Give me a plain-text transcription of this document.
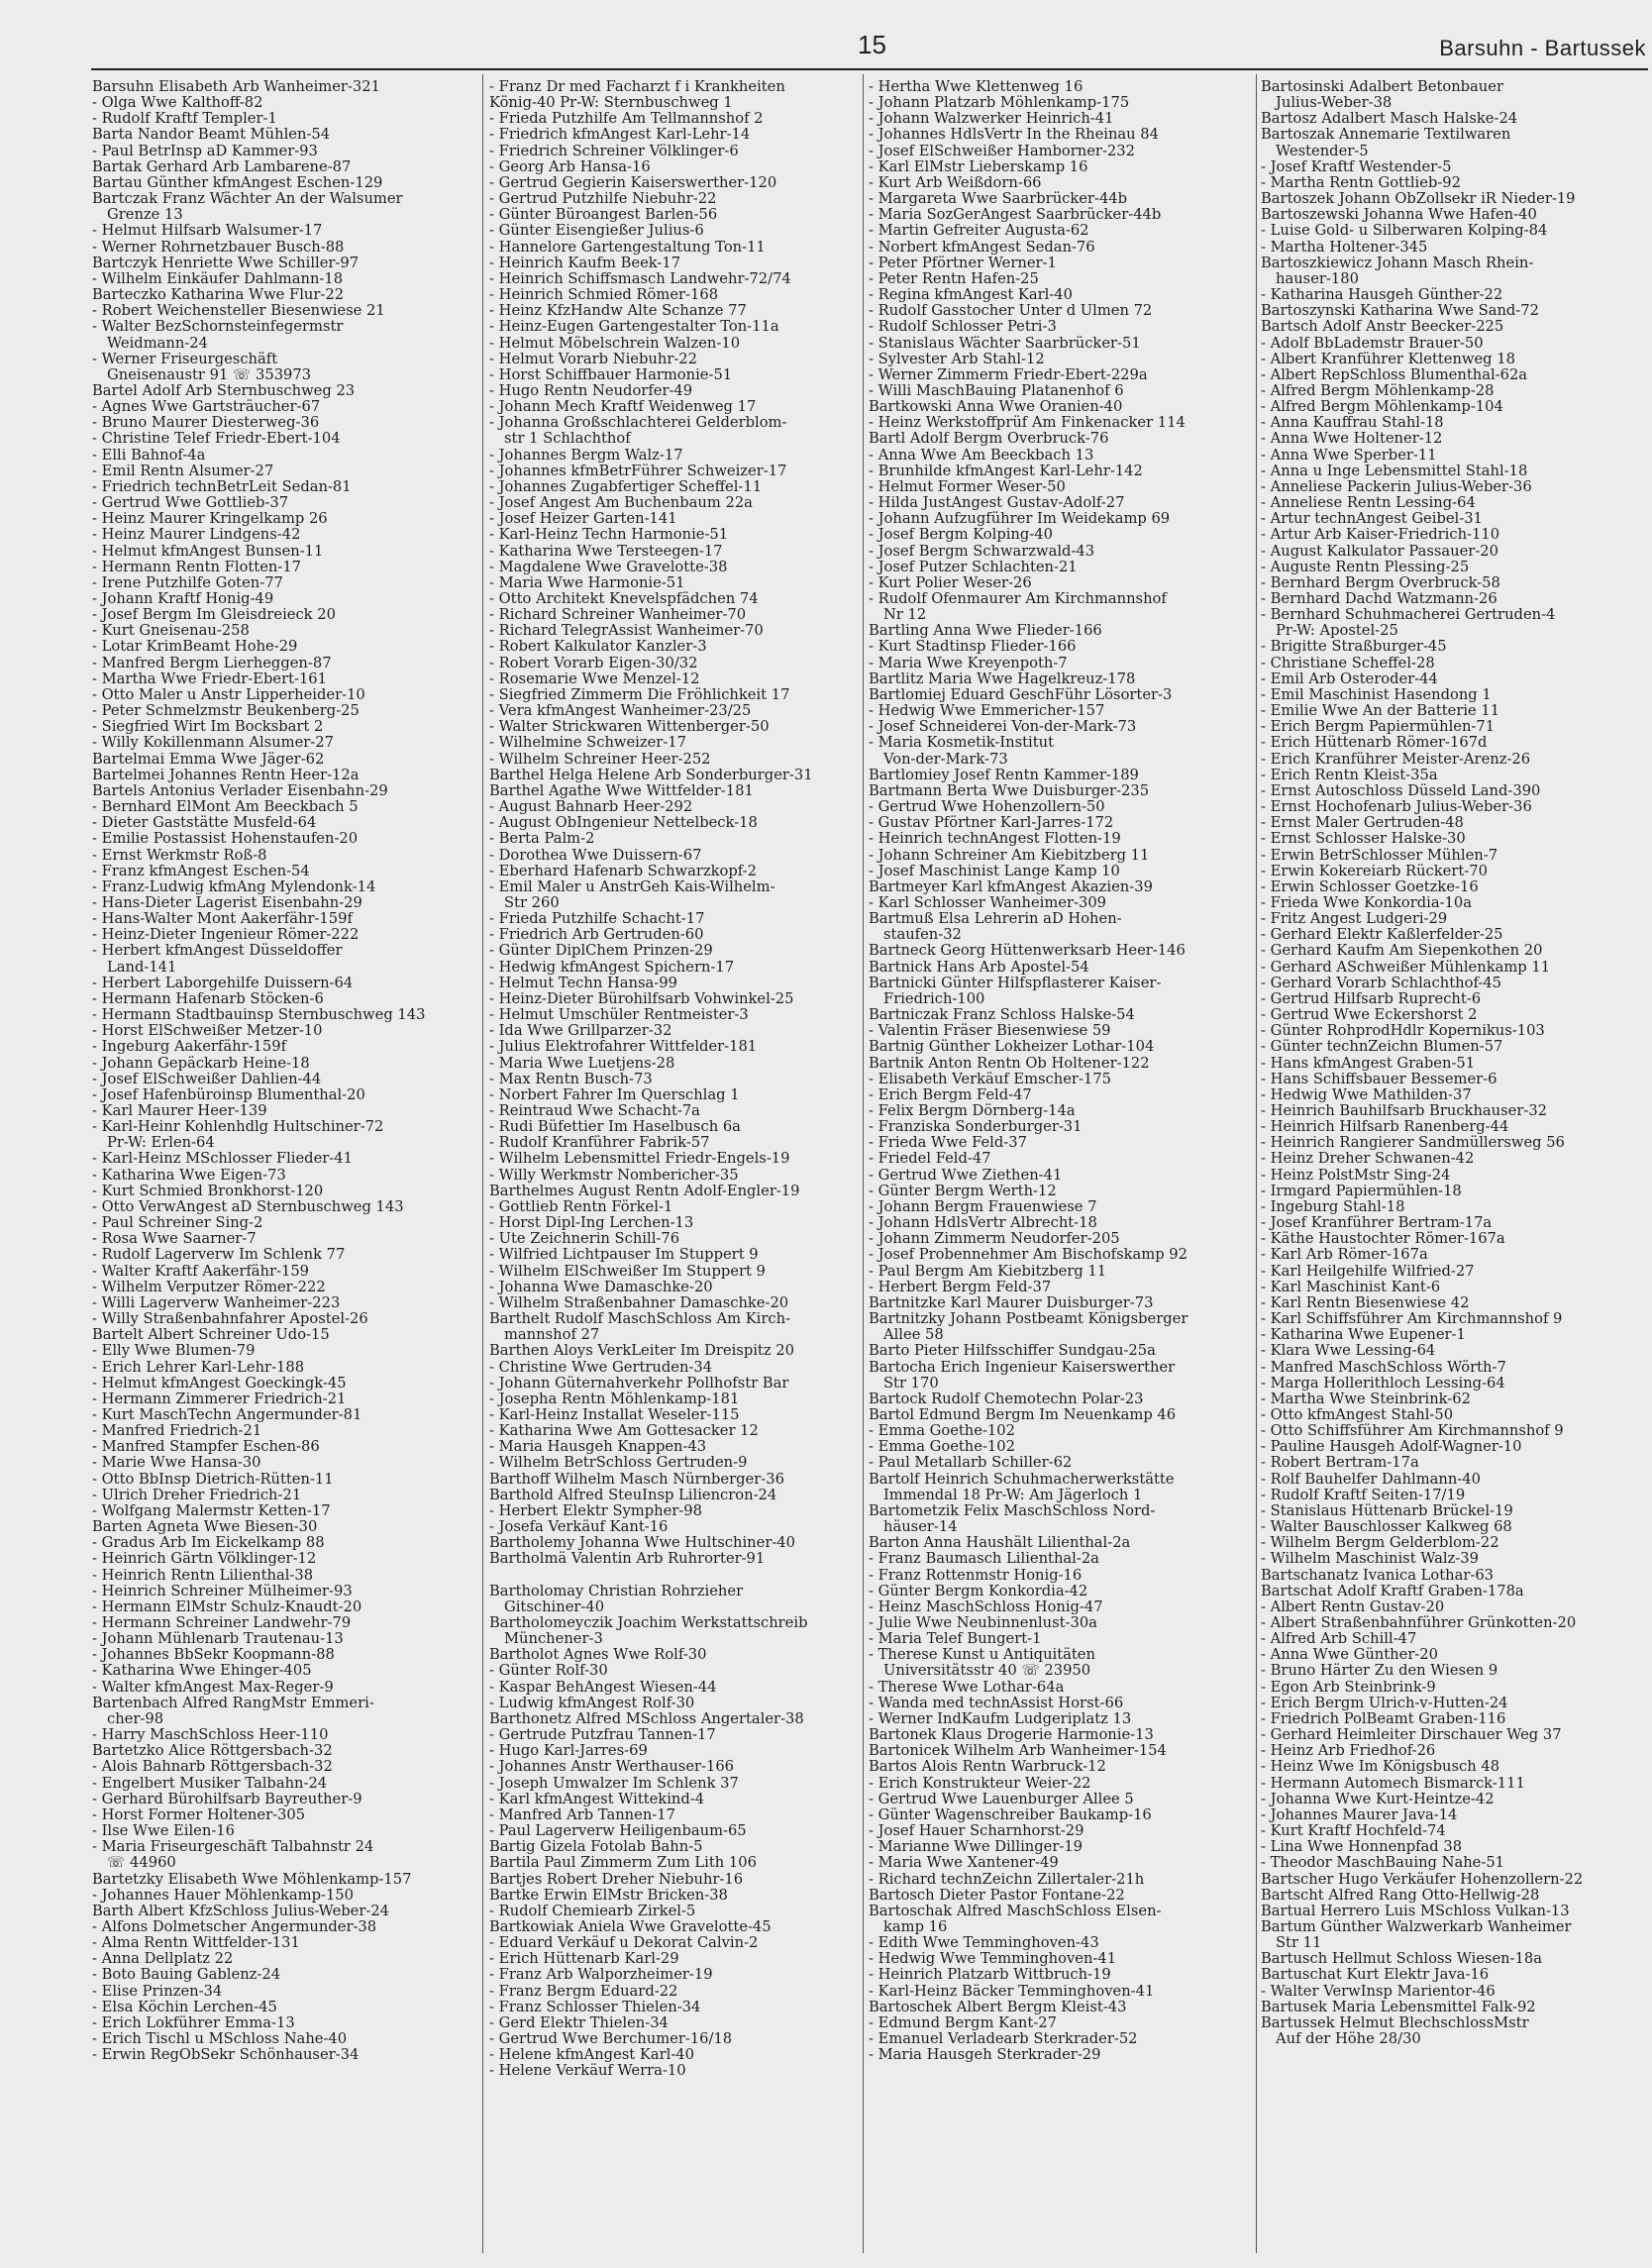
15	Barsuhn - Bartussek
Barsuhn Elisabeth Arb Wanheimer-321
- Olga Wwe Kalthoff-82
- Rudolf Kraftf Templer-1
Barta Nandor Beamt Mühlen-54
- Paul BetrInsp aD Kammer-93
Bartak Gerhard Arb Lambarene-87
Bartau Günther kfmAngest Eschen-129
Bartczak Franz Wächter An der Walsumer
Grenze 13
- Helmut Hilfsarb Walsumer-17
- Werner Rohrnetzbauer Busch-88
Bartczyk Henriette Wwe Schiller-97
- Wilhelm Einkäufer Dahlmann-18
Barteczko Katharina Wwe Flur-22
- Robert Weichensteller Biesenwiese 21
- Walter BezSchornsteinfegermstr
Weidmann-24
- Werner Friseurgeschäft
Gneisenaustr 91 ☏ 353973
Bartel Adolf Arb Sternbuschweg 23
- Agnes Wwe Gartsträucher-67
- Bruno Maurer Diesterweg-36
- Christine Telef Friedr-Ebert-104
- Elli Bahnof-4a
- Emil Rentn Alsumer-27
- Friedrich technBetrLeit Sedan-81
- Gertrud Wwe Gottlieb-37
- Heinz Maurer Kringelkamp 26
- Heinz Maurer Lindgens-42
- Helmut kfmAngest Bunsen-11
- Hermann Rentn Flotten-17
- Irene Putzhilfe Goten-77
- Johann Kraftf Honig-49
- Josef Bergm Im Gleisdreieck 20
- Kurt Gneisenau-258
- Lotar KrimBeamt Hohe-29
- Manfred Bergm Lierheggen-87
- Martha Wwe Friedr-Ebert-161
- Otto Maler u Anstr Lipperheider-10
- Peter Schmelzmstr Beukenberg-25
- Siegfried Wirt Im Bocksbart 2
- Willy Kokillenmann Alsumer-27
Bartelmai Emma Wwe Jäger-62
Bartelmei Johannes Rentn Heer-12a
Bartels Antonius Verlader Eisenbahn-29
- Bernhard ElMont Am Beeckbach 5
- Dieter Gaststätte Musfeld-64
- Emilie Postassist Hohenstaufen-20
- Ernst Werkmstr Roß-8
- Franz kfmAngest Eschen-54
- Franz-Ludwig kfmAng Mylendonk-14
- Hans-Dieter Lagerist Eisenbahn-29
- Hans-Walter Mont Aakerfähr-159f
- Heinz-Dieter Ingenieur Römer-222
- Herbert kfmAngest Düsseldoffer
Land-141
- Herbert Laborgehilfe Duissern-64
- Hermann Hafenarb Stöcken-6
- Hermann Stadtbauinsp Sternbuschweg 143
- Horst ElSchweißer Metzer-10
- Ingeburg Aakerfähr-159f
- Johann Gepäckarb Heine-18
- Josef ElSchweißer Dahlien-44
- Josef Hafenbüroinsp Blumenthal-20
- Karl Maurer Heer-139
- Karl-Heinr Kohlenhdlg Hultschiner-72
Pr-W: Erlen-64
- Karl-Heinz MSchlosser Flieder-41
- Katharina Wwe Eigen-73
- Kurt Schmied Bronkhorst-120
- Otto VerwAngest aD Sternbuschweg 143
- Paul Schreiner Sing-2
- Rosa Wwe Saarner-7
- Rudolf Lagerverw Im Schlenk 77
- Walter Kraftf Aakerfähr-159
- Wilhelm Verputzer Römer-222
- Willi Lagerverw Wanheimer-223
- Willy Straßenbahnfahrer Apostel-26
Bartelt Albert Schreiner Udo-15
- Elly Wwe Blumen-79
- Erich Lehrer Karl-Lehr-188
- Helmut kfmAngest Goeckingk-45
- Hermann Zimmerer Friedrich-21
- Kurt MaschTechn Angermunder-81
- Manfred Friedrich-21
- Manfred Stampfer Eschen-86
- Marie Wwe Hansa-30
- Otto BbInsp Dietrich-Rütten-11
- Ulrich Dreher Friedrich-21
- Wolfgang Malermstr Ketten-17
Barten Agneta Wwe Biesen-30
- Gradus Arb Im Eickelkamp 88
- Heinrich Gärtn Völklinger-12
- Heinrich Rentn Lilienthal-38
- Heinrich Schreiner Mülheimer-93
- Hermann ElMstr Schulz-Knaudt-20
- Hermann Schreiner Landwehr-79
- Johann Mühlenarb Trautenau-13
- Johannes BbSekr Koopmann-88
- Katharina Wwe Ehinger-405
- Walter kfmAngest Max-Reger-9
Bartenbach Alfred RangMstr Emmeri-
cher-98
- Harry MaschSchloss Heer-110
Bartetzko Alice Röttgersbach-32
- Alois Bahnarb Röttgersbach-32
- Engelbert Musiker Talbahn-24
- Gerhard Bürohilfsarb Bayreuther-9
- Horst Former Holtener-305
- Ilse Wwe Eilen-16
- Maria Friseurgeschäft Talbahnstr 24
☏ 44960
Bartetzky Elisabeth Wwe Möhlenkamp-157
- Johannes Hauer Möhlenkamp-150
Barth Albert KfzSchloss Julius-Weber-24
- Alfons Dolmetscher Angermunder-38
- Alma Rentn Wittfelder-131
- Anna Dellplatz 22
- Boto Bauing Gablenz-24
- Elise Prinzen-34
- Elsa Köchin Lerchen-45
- Erich Lokführer Emma-13
- Erich Tischl u MSchloss Nahe-40
- Erwin RegObSekr Schönhauser-34
- Franz Dr med Facharzt f i Krankheiten
König-40 Pr-W: Sternbuschweg 1
- Frieda Putzhilfe Am Tellmannshof 2
- Friedrich kfmAngest Karl-Lehr-14
- Friedrich Schreiner Völklinger-6
- Georg Arb Hansa-16
- Gertrud Gegierin Kaiserswerther-120
- Gertrud Putzhilfe Niebuhr-22
- Günter Büroangest Barlen-56
- Günter Eisengießer Julius-6
- Hannelore Gartengestaltung Ton-11
- Heinrich Kaufm Beek-17
- Heinrich Schiffsmasch Landwehr-72/74
- Heinrich Schmied Römer-168
- Heinz KfzHandw Alte Schanze 77
- Heinz-Eugen Gartengestalter Ton-11a
- Helmut Möbelschrein Walzen-10
- Helmut Vorarb Niebuhr-22
- Horst Schiffbauer Harmonie-51
- Hugo Rentn Neudorfer-49
- Johann Mech Kraftf Weidenweg 17
- Johanna Großschlachterei Gelderblom-
str 1 Schlachthof
- Johannes Bergm Walz-17
- Johannes kfmBetrFührer Schweizer-17
- Johannes Zugabfertiger Scheffel-11
- Josef Angest Am Buchenbaum 22a
- Josef Heizer Garten-141
- Karl-Heinz Techn Harmonie-51
- Katharina Wwe Tersteegen-17
- Magdalene Wwe Gravelotte-38
- Maria Wwe Harmonie-51
- Otto Architekt Knevelspfädchen 74
- Richard Schreiner Wanheimer-70
- Richard TelegrAssist Wanheimer-70
- Robert Kalkulator Kanzler-3
- Robert Vorarb Eigen-30/32
- Rosemarie Wwe Menzel-12
- Siegfried Zimmerm Die Fröhlichkeit 17
- Vera kfmAngest Wanheimer-23/25
- Walter Strickwaren Wittenberger-50
- Wilhelmine Schweizer-17
- Wilhelm Schreiner Heer-252
Barthel Helga Helene Arb Sonderburger-31
Barthel Agathe Wwe Wittfelder-181
- August Bahnarb Heer-292
- August ObIngenieur Nettelbeck-18
- Berta Palm-2
- Dorothea Wwe Duissern-67
- Eberhard Hafenarb Schwarzkopf-2
- Emil Maler u AnstrGeh Kais-Wilhelm-
Str 260
- Frieda Putzhilfe Schacht-17
- Friedrich Arb Gertruden-60
- Günter DiplChem Prinzen-29
- Hedwig kfmAngest Spichern-17
- Helmut Techn Hansa-99
- Heinz-Dieter Bürohilfsarb Vohwinkel-25
- Helmut Umschüler Rentmeister-3
- Ida Wwe Grillparzer-32
- Julius Elektrofahrer Wittfelder-181
- Maria Wwe Luetjens-28
- Max Rentn Busch-73
- Norbert Fahrer Im Querschlag 1
- Reintraud Wwe Schacht-7a
- Rudi Büfettier Im Haselbusch 6a
- Rudolf Kranführer Fabrik-57
- Wilhelm Lebensmittel Friedr-Engels-19
- Willy Werkmstr Nombericher-35
Barthelmes August Rentn Adolf-Engler-19
- Gottlieb Rentn Förkel-1
- Horst Dipl-Ing Lerchen-13
- Ute Zeichnerin Schill-76
- Wilfried Lichtpauser Im Stuppert 9
- Wilhelm ElSchweißer Im Stuppert 9
- Johanna Wwe Damaschke-20
- Wilhelm Straßenbahner Damaschke-20
Barthelt Rudolf MaschSchloss Am Kirch-
mannshof 27
Barthen Aloys VerkLeiter Im Dreispitz 20
- Christine Wwe Gertruden-34
- Johann Güternahverkehr Pollhofstr Bar
- Josepha Rentn Möhlenkamp-181
- Karl-Heinz Installat Weseler-115
- Katharina Wwe Am Gottesacker 12
- Maria Hausgeh Knappen-43
- Wilhelm BetrSchloss Gertruden-9
Barthoff Wilhelm Masch Nürnberger-36
Barthold Alfred SteuInsp Liliencron-24
- Herbert Elektr Sympher-98
- Josefa Verkäuf Kant-16
Bartholemy Johanna Wwe Hultschiner-40
Bartholmä Valentin Arb Ruhrorter-91

Bartholomay Christian Rohrzieher
Gitschiner-40
Bartholomeyczik Joachim Werkstattschreib
Münchener-3
Bartholot Agnes Wwe Rolf-30
- Günter Rolf-30
- Kaspar BehAngest Wiesen-44
- Ludwig kfmAngest Rolf-30
Barthonetz Alfred MSchloss Angertaler-38
- Gertrude Putzfrau Tannen-17
- Hugo Karl-Jarres-69
- Johannes Anstr Werthauser-166
- Joseph Umwalzer Im Schlenk 37
- Karl kfmAngest Wittekind-4
- Manfred Arb Tannen-17
- Paul Lagerverw Heiligenbaum-65
Bartig Gizela Fotolab Bahn-5
Bartila Paul Zimmerm Zum Lith 106
Bartjes Robert Dreher Niebuhr-16
Bartke Erwin ElMstr Bricken-38
- Rudolf Chemiearb Zirkel-5
Bartkowiak Aniela Wwe Gravelotte-45
- Eduard Verkäuf u Dekorat Calvin-2
- Erich Hüttenarb Karl-29
- Franz Arb Walporzheimer-19
- Franz Bergm Eduard-22
- Franz Schlosser Thielen-34
- Gerd Elektr Thielen-34
- Gertrud Wwe Berchumer-16/18
- Helene kfmAngest Karl-40
- Helene Verkäuf Werra-10
- Hertha Wwe Klettenweg 16
- Johann Platzarb Möhlenkamp-175
- Johann Walzwerker Heinrich-41
- Johannes HdlsVertr In the Rheinau 84
- Josef ElSchweißer Hamborner-232
- Karl ElMstr Lieberskamp 16
- Kurt Arb Weißdorn-66
- Margareta Wwe Saarbrücker-44b
- Maria SozGerAngest Saarbrücker-44b
- Martin Gefreiter Augusta-62
- Norbert kfmAngest Sedan-76
- Peter Pförtner Werner-1
- Peter Rentn Hafen-25
- Regina kfmAngest Karl-40
- Rudolf Gasstocher Unter d Ulmen 72
- Rudolf Schlosser Petri-3
- Stanislaus Wächter Saarbrücker-51
- Sylvester Arb Stahl-12
- Werner Zimmerm Friedr-Ebert-229a
- Willi MaschBauing Platanenhof 6
Bartkowski Anna Wwe Oranien-40
- Heinz Werkstoffprüf Am Finkenacker 114
Bartl Adolf Bergm Overbruck-76
- Anna Wwe Am Beeckbach 13
- Brunhilde kfmAngest Karl-Lehr-142
- Helmut Former Weser-50
- Hilda JustAngest Gustav-Adolf-27
- Johann Aufzugführer Im Weidekamp 69
- Josef Bergm Kolping-40
- Josef Bergm Schwarzwald-43
- Josef Putzer Schlachten-21
- Kurt Polier Weser-26
- Rudolf Ofenmaurer Am Kirchmannshof
Nr 12
Bartling Anna Wwe Flieder-166
- Kurt Stadtinsp Flieder-166
- Maria Wwe Kreyenpoth-7
Bartlitz Maria Wwe Hagelkreuz-178
Bartlomiej Eduard GeschFühr Lösorter-3
- Hedwig Wwe Emmericher-157
- Josef Schneiderei Von-der-Mark-73
- Maria Kosmetik-Institut
Von-der-Mark-73
Bartlomiey Josef Rentn Kammer-189
Bartmann Berta Wwe Duisburger-235
- Gertrud Wwe Hohenzollern-50
- Gustav Pförtner Karl-Jarres-172
- Heinrich technAngest Flotten-19
- Johann Schreiner Am Kiebitzberg 11
- Josef Maschinist Lange Kamp 10
Bartmeyer Karl kfmAngest Akazien-39
- Karl Schlosser Wanheimer-309
Bartmuß Elsa Lehrerin aD Hohen-
staufen-32
Bartneck Georg Hüttenwerksarb Heer-146
Bartnick Hans Arb Apostel-54
Bartnicki Günter Hilfspflasterer Kaiser-
Friedrich-100
Bartniczak Franz Schloss Halske-54
- Valentin Fräser Biesenwiese 59
Bartnig Günther Lokheizer Lothar-104
Bartnik Anton Rentn Ob Holtener-122
- Elisabeth Verkäuf Emscher-175
- Erich Bergm Feld-47
- Felix Bergm Dörnberg-14a
- Franziska Sonderburger-31
- Frieda Wwe Feld-37
- Friedel Feld-47
- Gertrud Wwe Ziethen-41
- Günter Bergm Werth-12
- Johann Bergm Frauenwiese 7
- Johann HdlsVertr Albrecht-18
- Johann Zimmerm Neudorfer-205
- Josef Probennehmer Am Bischofskamp 92
- Paul Bergm Am Kiebitzberg 11
- Herbert Bergm Feld-37
Bartnitzke Karl Maurer Duisburger-73
Bartnitzky Johann Postbeamt Königsberger
Allee 58
Barto Pieter Hilfsschiffer Sundgau-25a
Bartocha Erich Ingenieur Kaiserswerther
Str 170
Bartock Rudolf Chemotechn Polar-23
Bartol Edmund Bergm Im Neuenkamp 46
- Emma Goethe-102
- Emma Goethe-102
- Paul Metallarb Schiller-62
Bartolf Heinrich Schuhmacherwerkstätte
Immendal 18 Pr-W: Am Jägerloch 1
Bartometzik Felix MaschSchloss Nord-
häuser-14
Barton Anna Haushält Lilienthal-2a
- Franz Baumasch Lilienthal-2a
- Franz Rottenmstr Honig-16
- Günter Bergm Konkordia-42
- Heinz MaschSchloss Honig-47
- Julie Wwe Neubinnenlust-30a
- Maria Telef Bungert-1
- Therese Kunst u Antiquitäten
Universitätsstr 40 ☏ 23950
- Therese Wwe Lothar-64a
- Wanda med technAssist Horst-66
- Werner IndKaufm Ludgeriplatz 13
Bartonek Klaus Drogerie Harmonie-13
Bartonicek Wilhelm Arb Wanheimer-154
Bartos Alois Rentn Warbruck-12
- Erich Konstrukteur Weier-22
- Gertrud Wwe Lauenburger Allee 5
- Günter Wagenschreiber Baukamp-16
- Josef Hauer Scharnhorst-29
- Marianne Wwe Dillinger-19
- Maria Wwe Xantener-49
- Richard technZeichn Zillertaler-21h
Bartosch Dieter Pastor Fontane-22
Bartoschak Alfred MaschSchloss Elsen-
kamp 16
- Edith Wwe Temminghoven-43
- Hedwig Wwe Temminghoven-41
- Heinrich Platzarb Wittbruch-19
- Karl-Heinz Bäcker Temminghoven-41
Bartoschek Albert Bergm Kleist-43
- Edmund Bergm Kant-27
- Emanuel Verladearb Sterkrader-52
- Maria Hausgeh Sterkrader-29
Bartosinski Adalbert Betonbauer
Julius-Weber-38
Bartosz Adalbert Masch Halske-24
Bartoszak Annemarie Textilwaren
Westender-5
- Josef Kraftf Westender-5
- Martha Rentn Gottlieb-92
Bartoszek Johann ObZollsekr iR Nieder-19
Bartoszewski Johanna Wwe Hafen-40
- Luise Gold- u Silberwaren Kolping-84
- Martha Holtener-345
Bartoszkiewicz Johann Masch Rhein-
hauser-180
- Katharina Hausgeh Günther-22
Bartoszynski Katharina Wwe Sand-72
Bartsch Adolf Anstr Beecker-225
- Adolf BbLademstr Brauer-50
- Albert Kranführer Klettenweg 18
- Albert RepSchloss Blumenthal-62a
- Alfred Bergm Möhlenkamp-28
- Alfred Bergm Möhlenkamp-104
- Anna Kauffrau Stahl-18
- Anna Wwe Holtener-12
- Anna Wwe Sperber-11
- Anna u Inge Lebensmittel Stahl-18
- Anneliese Packerin Julius-Weber-36
- Anneliese Rentn Lessing-64
- Artur technAngest Geibel-31
- Artur Arb Kaiser-Friedrich-110
- August Kalkulator Passauer-20
- Auguste Rentn Plessing-25
- Bernhard Bergm Overbruck-58
- Bernhard Dachd Watzmann-26
- Bernhard Schuhmacherei Gertruden-4
Pr-W: Apostel-25
- Brigitte Straßburger-45
- Christiane Scheffel-28
- Emil Arb Osteroder-44
- Emil Maschinist Hasendong 1
- Emilie Wwe An der Batterie 11
- Erich Bergm Papiermühlen-71
- Erich Hüttenarb Römer-167d
- Erich Kranführer Meister-Arenz-26
- Erich Rentn Kleist-35a
- Ernst Autoschloss Düsseld Land-390
- Ernst Hochofenarb Julius-Weber-36
- Ernst Maler Gertruden-48
- Ernst Schlosser Halske-30
- Erwin BetrSchlosser Mühlen-7
- Erwin Kokereiarb Rückert-70
- Erwin Schlosser Goetzke-16
- Frieda Wwe Konkordia-10a
- Fritz Angest Ludgeri-29
- Gerhard Elektr Kaßlerfelder-25
- Gerhard Kaufm Am Siepenkothen 20
- Gerhard ASchweißer Mühlenkamp 11
- Gerhard Vorarb Schlachthof-45
- Gertrud Hilfsarb Ruprecht-6
- Gertrud Wwe Eckershorst 2
- Günter RohprodHdlr Kopernikus-103
- Günter technZeichn Blumen-57
- Hans kfmAngest Graben-51
- Hans Schiffsbauer Bessemer-6
- Hedwig Wwe Mathilden-37
- Heinrich Bauhilfsarb Bruckhauser-32
- Heinrich Hilfsarb Ranenberg-44
- Heinrich Rangierer Sandmüllersweg 56
- Heinz Dreher Schwanen-42
- Heinz PolstMstr Sing-24
- Irmgard Papiermühlen-18
- Ingeburg Stahl-18
- Josef Kranführer Bertram-17a
- Käthe Haustochter Römer-167a
- Karl Arb Römer-167a
- Karl Heilgehilfe Wilfried-27
- Karl Maschinist Kant-6
- Karl Rentn Biesenwiese 42
- Karl Schiffsführer Am Kirchmannshof 9
- Katharina Wwe Eupener-1
- Klara Wwe Lessing-64
- Manfred MaschSchloss Wörth-7
- Marga Hollerithloch Lessing-64
- Martha Wwe Steinbrink-62
- Otto kfmAngest Stahl-50
- Otto Schiffsführer Am Kirchmannshof 9
- Pauline Hausgeh Adolf-Wagner-10
- Robert Bertram-17a
- Rolf Bauhelfer Dahlmann-40
- Rudolf Kraftf Seiten-17/19
- Stanislaus Hüttenarb Brückel-19
- Walter Bauschlosser Kalkweg 68
- Wilhelm Bergm Gelderblom-22
- Wilhelm Maschinist Walz-39
Bartschanatz Ivanica Lothar-63
Bartschat Adolf Kraftf Graben-178a
- Albert Rentn Gustav-20
- Albert Straßenbahnführer Grünkotten-20
- Alfred Arb Schill-47
- Anna Wwe Günther-20
- Bruno Härter Zu den Wiesen 9
- Egon Arb Steinbrink-9
- Erich Bergm Ulrich-v-Hutten-24
- Friedrich PolBeamt Graben-116
- Gerhard Heimleiter Dirschauer Weg 37
- Heinz Arb Friedhof-26
- Heinz Wwe Im Königsbusch 48
- Hermann Automech Bismarck-111
- Johanna Wwe Kurt-Heintze-42
- Johannes Maurer Java-14
- Kurt Kraftf Hochfeld-74
- Lina Wwe Honnenpfad 38
- Theodor MaschBauing Nahe-51
Bartscher Hugo Verkäufer Hohenzollern-22
Bartscht Alfred Rang Otto-Hellwig-28
Bartual Herrero Luis MSchloss Vulkan-13
Bartum Günther Walzwerkarb Wanheimer
Str 11
Bartusch Hellmut Schloss Wiesen-18a
Bartuschat Kurt Elektr Java-16
- Walter VerwInsp Marientor-46
Bartusek Maria Lebensmittel Falk-92
Bartussek Helmut BlechschlossMstr
Auf der Höhe 28/30
